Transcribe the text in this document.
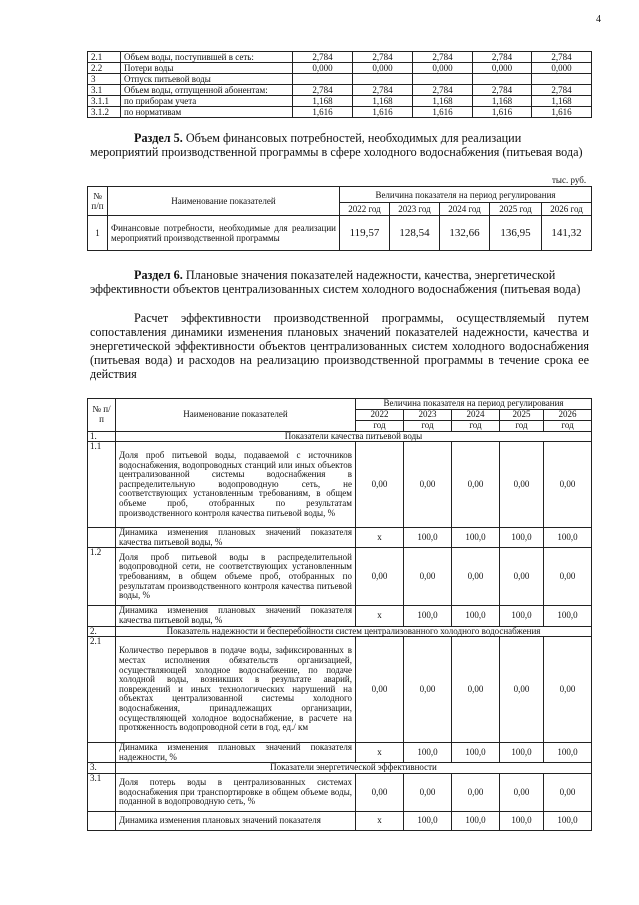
4
2.1	Объем воды, поступившей в сеть:	2,784	2,784	2,784	2,784	2,784
2.2	Потери воды	0,000	0,000	0,000	0,000	0,000
3	Отпуск питьевой воды					
3.1	Объем воды, отпущенной абонентам:	2,784	2,784	2,784	2,784	2,784
3.1.1	по приборам учета	1,168	1,168	1,168	1,168	1,168
3.1.2	по нормативам	1,616	1,616	1,616	1,616	1,616
Раздел 5. Объем финансовых потребностей, необходимых для реализации мероприятий производственной программы в сфере холодного водоснабжения (питьевая вода)
тыс. руб.
№ п/п	Наименование показателей	Величина показателя на период регулирования				
		2022 год	2023 год	2024 год	2025 год	2026 год
1	Финансовые потребности, необходимые для реализации мероприятий производственной программы	119,57	128,54	132,66	136,95	141,32
Раздел 6. Плановые значения показателей надежности, качества, энергетической эффективности объектов централизованных систем холодного водоснабжения (питьевая вода)
Расчет эффективности производственной программы, осуществляемый путем сопоставления динамики изменения плановых значений показателей надежности, качества и энергетической эффективности объектов централизованных систем холодного водоснабжения (питьевая вода) и расходов на реализацию производственной программы в течение срока ее действия
№ п/п	Наименование показателей	Величина показателя на период регулирования				
		2022	2023	2024	2025	2026
		год	год	год	год	год
1.	Показатели качества питьевой воды					
1.1	Доля проб питьевой воды, подаваемой с источников водоснабжения, водопроводных станций или иных объектов централизованной системы водоснабжения в распределительную водопроводную сеть, не соответствующих установленным требованиям, в общем объеме проб, отобранных по результатам производственного контроля качества питьевой воды, %	0,00	0,00	0,00	0,00	0,00
	Динамика изменения плановых значений показателя качества питьевой воды, %	x	100,0	100,0	100,0	100,0
1.2	Доля проб питьевой воды в распределительной водопроводной сети, не соответствующих установленным требованиям, в общем объеме проб, отобранных по результатам производственного контроля качества питьевой воды, %	0,00	0,00	0,00	0,00	0,00
	Динамика изменения плановых значений показателя качества питьевой воды, %	x	100,0	100,0	100,0	100,0
2.	Показатель надежности и бесперебойности систем централизованного холодного водоснабжения					
2.1	Количество перерывов в подаче воды, зафиксированных в местах исполнения обязательств организацией, осуществляющей холодное водоснабжение, по подаче холодной воды, возникших в результате аварий, повреждений и иных технологических нарушений на объектах централизованной системы холодного водоснабжения, принадлежащих организации, осуществляющей холодное водоснабжение, в расчете на протяженность водопроводной сети в год, ед./ км	0,00	0,00	0,00	0,00	0,00
	Динамика изменения плановых значений показателя надежности, %	x	100,0	100,0	100,0	100,0
3.	Показатели энергетической эффективности					
3.1	Доля потерь воды в централизованных системах водоснабжения при транспортировке в общем объеме воды, поданной в водопроводную сеть, %	0,00	0,00	0,00	0,00	0,00
	Динамика изменения плановых значений показателя	x	100,0	100,0	100,0	100,0
